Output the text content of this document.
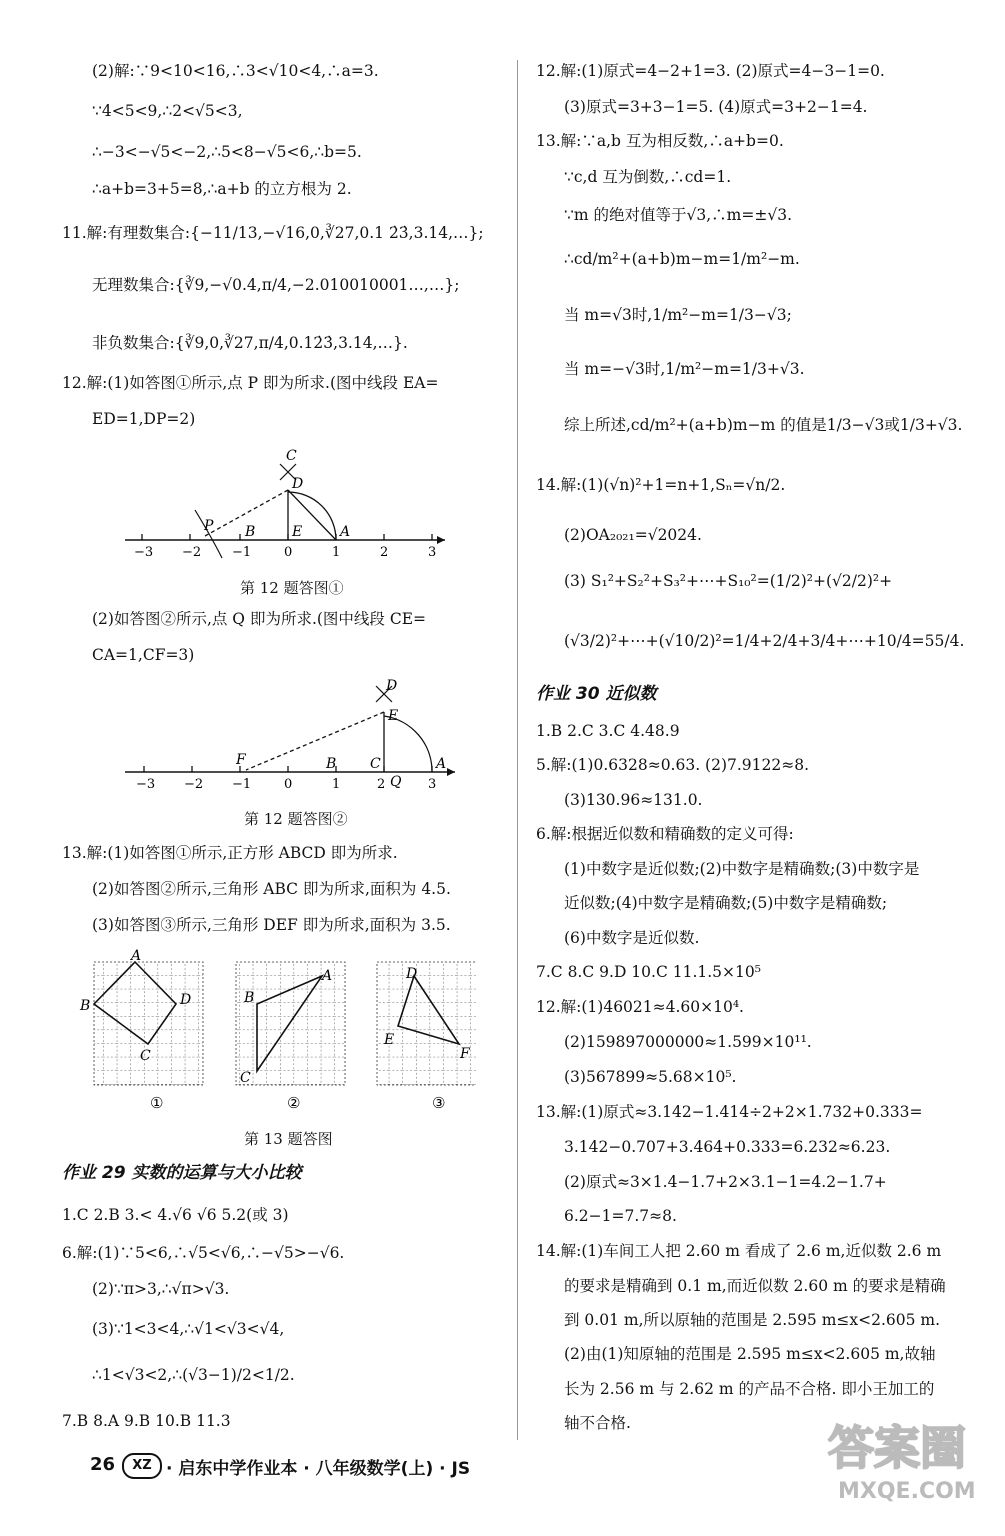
(2)解:∵9<10<16,∴3<√10<4,∴a=3.
∵4<5<9,∴2<√5<3,
∴−3<−√5<−2,∴5<8−√5<6,∴b=5.
∴a+b=3+5=8,∴a+b 的立方根为 2.
11.解:有理数集合:{−11/13,−√16,0,∛27,0.1 2̇3̇,3.14,…};
无理数集合:{∛9,−√0.4,π/4,−2.010010001…,…};
非负数集合:{∛9,0,∛27,π/4,0.12̇3̇,3.14,…}.
12.解:(1)如答图①所示,点 P 即为所求.(图中线段 EA=
ED=1,DP=2)
C
D
P B	E	A
−3 −2 −1	0	1	2	3
第 12 题答图①
(2)如答图②所示,点 Q 即为所求.(图中线段 CE=
CA=1,CF=3)
D
E
F	B C
Q
A
−3 −2 −1	0	1	2	3
第 12 题答图②
13.解:(1)如答图①所示,正方形 ABCD 即为所求.
(2)如答图②所示,三角形 ABC 即为所求,面积为 4.5.
(3)如答图③所示,三角形 DEF 即为所求,面积为 3.5.
A
B	D
C
A
B
C
D
E
F
①	②	③
第 13 题答图
作业 29 实数的运算与大小比较
1.C 2.B 3.< 4.√6 √6 5.2(或 3)
6.解:(1)∵5<6,∴√5<√6,∴−√5>−√6.
(2)∵π>3,∴√π>√3.
(3)∵1<3<4,∴√1<√3<√4,
∴1<√3<2,∴(√3−1)/2<1/2.
7.B 8.A 9.B 10.B 11.3
12.解:(1)原式=4−2+1=3. (2)原式=4−3−1=0.
(3)原式=3+3−1=5. (4)原式=3+2−1=4.
13.解:∵a,b 互为相反数,∴a+b=0.
∵c,d 互为倒数,∴cd=1.
∵m 的绝对值等于√3,∴m=±√3.
∴cd/m²+(a+b)m−m=1/m²−m.
当 m=√3时,1/m²−m=1/3−√3;
当 m=−√3时,1/m²−m=1/3+√3.
综上所述,cd/m²+(a+b)m−m 的值是1/3−√3或1/3+√3.
14.解:(1)(√n)²+1=n+1,Sₙ=√n/2.
(2)OA₂₀₂₁=√2024.
(3) S₁²+S₂²+S₃²+⋯+S₁₀²=(1/2)²+(√2/2)²+
(√3/2)²+⋯+(√10/2)²=1/4+2/4+3/4+⋯+10/4=55/4.
作业 30 近似数
1.B 2.C 3.C 4.48.9
5.解:(1)0.6328≈0.63. (2)7.9122≈8.
(3)130.96≈131.0.
6.解:根据近似数和精确数的定义可得:
(1)中数字是近似数;(2)中数字是精确数;(3)中数字是
近似数;(4)中数字是精确数;(5)中数字是精确数;
(6)中数字是近似数.
7.C 8.C 9.D 10.C 11.1.5×10⁵
12.解:(1)46021≈4.60×10⁴.
(2)159897000000≈1.599×10¹¹.
(3)567899≈5.68×10⁵.
13.解:(1)原式≈3.142−1.414÷2+2×1.732+0.333=
3.142−0.707+3.464+0.333=6.232≈6.23.
(2)原式≈3×1.4−1.7+2×3.1−1=4.2−1.7+
6.2−1=7.7≈8.
14.解:(1)车间工人把 2.60 m 看成了 2.6 m,近似数 2.6 m
的要求是精确到 0.1 m,而近似数 2.60 m 的要求是精确
到 0.01 m,所以原轴的范围是 2.595 m≤x<2.605 m.
(2)由(1)知原轴的范围是 2.595 m≤x<2.605 m,故轴
长为 2.56 m 与 2.62 m 的产品不合格. 即小王加工的
轴不合格.
26	XZ · 启东中学作业本 · 八年级数学(上) · JS	答案圈
MXQE.COM
